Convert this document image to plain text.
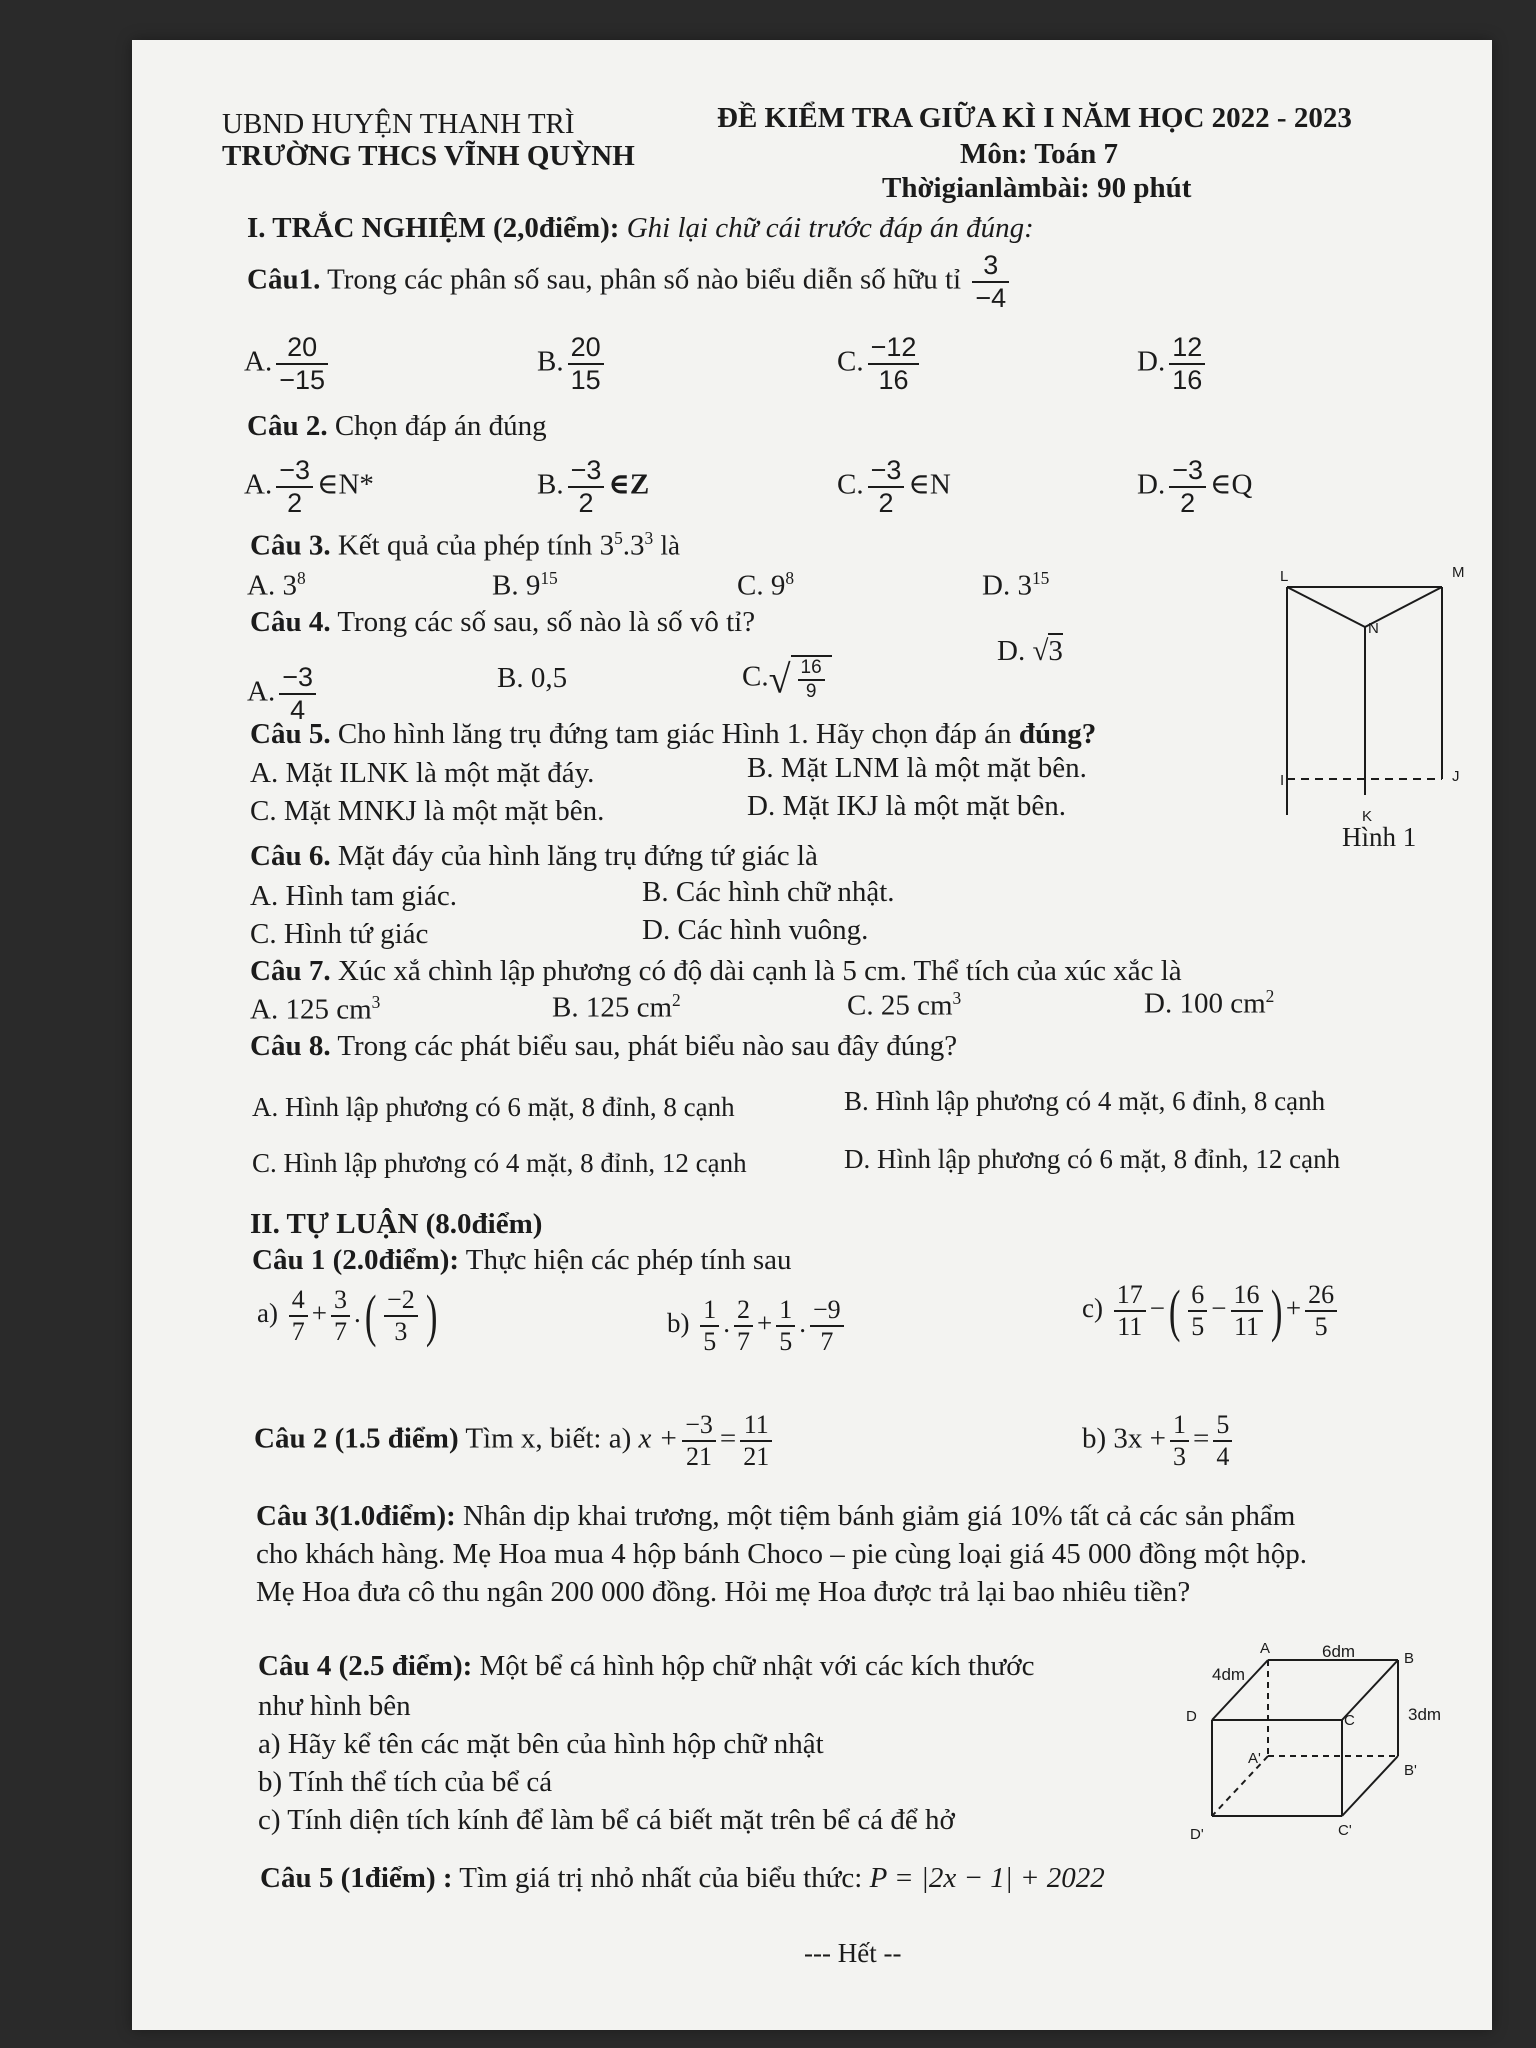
UBND HUYỆN THANH TRÌ
TRƯỜNG THCS VĨNH QUỲNH
ĐỀ KIỂM TRA GIỮA KÌ I NĂM HỌC 2022 - 2023
Môn: Toán 7
Thờigianlàmbài: 90 phút
I. TRẮC NGHIỆM (2,0điểm): Ghi lại chữ cái trước đáp án đúng:
Câu1. Trong các phân số sau, phân số nào biểu diễn số hữu tỉ $\frac{3}{-4}$
A. $\frac{20}{-15}$	B. $\frac{20}{15}$	C. $\frac{-12}{16}$	D. $\frac{12}{16}$
Câu 2. Chọn đáp án đúng
A. $\frac{-3}{2}$ ∈N*	B. $\frac{-3}{2}$ ∈Z	C. $\frac{-3}{2}$ ∈N	D. $\frac{-3}{2}$ ∈Q
Câu 3. Kết quả của phép tính $3^5.3^3$ là
A. $3^8$	B. $9^{15}$	C. $9^8$	D. $3^{15}$
Câu 4. Trong các số sau, số nào là số vô tỉ?
A. $\frac{-3}{4}$	B. 0,5	$C.√ \frac{16}{9}$
D. √3
Câu 5. Cho hình lăng trụ đứng tam giác Hình 1. Hãy chọn đáp án đúng?
A. Mặt ILNK là một mặt đáy.	B. Mặt LNM là một mặt bên.
C. Mặt MNKJ là một mặt bên.	D. Mặt IKJ là một mặt bên.
L	M
N
I	J
K
Hình 1
Câu 6. Mặt đáy của hình lăng trụ đứng tứ giác là
A. Hình tam giác.	B. Các hình chữ nhật.
C. Hình tứ giác	D. Các hình vuông.
Câu 7. Xúc xắ chình lập phương có độ dài cạnh là 5 cm. Thể tích của xúc xắc là
A. 125 $cm^3$	B. 125 $cm^2$	C. 25 $cm^3$	D. 100 $cm^2$
Câu 8. Trong các phát biểu sau, phát biểu nào sau đây đúng?
A. Hình lập phương có 6 mặt, 8 đỉnh, 8 cạnh	B. Hình lập phương có 4 mặt, 6 đỉnh, 8 cạnh
C. Hình lập phương có 4 mặt, 8 đỉnh, 12 cạnh	D. Hình lập phương có 6 mặt, 8 đỉnh, 12 cạnh
II. TỰ LUẬN (8.0điểm)
Câu 1 (2.0điểm): Thực hiện các phép tính sau
$a) \frac{4}{7} + \frac{3}{7}$ .( $\frac{-2}{3}$ )	$b) \frac{1}{5}$ . $\frac{2}{7} + \frac{1}{5}$ . $\frac{-9}{7}$	$c) \frac{17}{11}$ −( $\frac{6}{5} - \frac{16}{11}$ ) + $\frac{26}{5}$
Câu 2 (1.5 điểm) Tìm x, biết: a) $x + \frac{-3}{21} = \frac{11}{21}$	b) $3x + \frac{1}{3} = \frac{5}{4}$
Câu 3(1.0điểm): Nhân dịp khai trương, một tiệm bánh giảm giá 10% tất cả các sản phẩm
cho khách hàng. Mẹ Hoa mua 4 hộp bánh Choco – pie cùng loại giá 45 000 đồng một hộp.
Mẹ Hoa đưa cô thu ngân 200 000 đồng. Hỏi mẹ Hoa được trả lại bao nhiêu tiền?
Câu 4 (2.5 điểm): Một bể cá hình hộp chữ nhật với các kích thước
như hình bên
a) Hãy kể tên các mặt bên của hình hộp chữ nhật
b) Tính thể tích của bể cá
c) Tính diện tích kính để làm bể cá biết mặt trên bể cá để hở
A	6dm	B
4dm
D	C	3dm
A'
B'
D'	C'
Câu 5 (1điểm) : Tìm giá trị nhỏ nhất của biểu thức: P = |2x − 1| + 2022
--- Hết --
